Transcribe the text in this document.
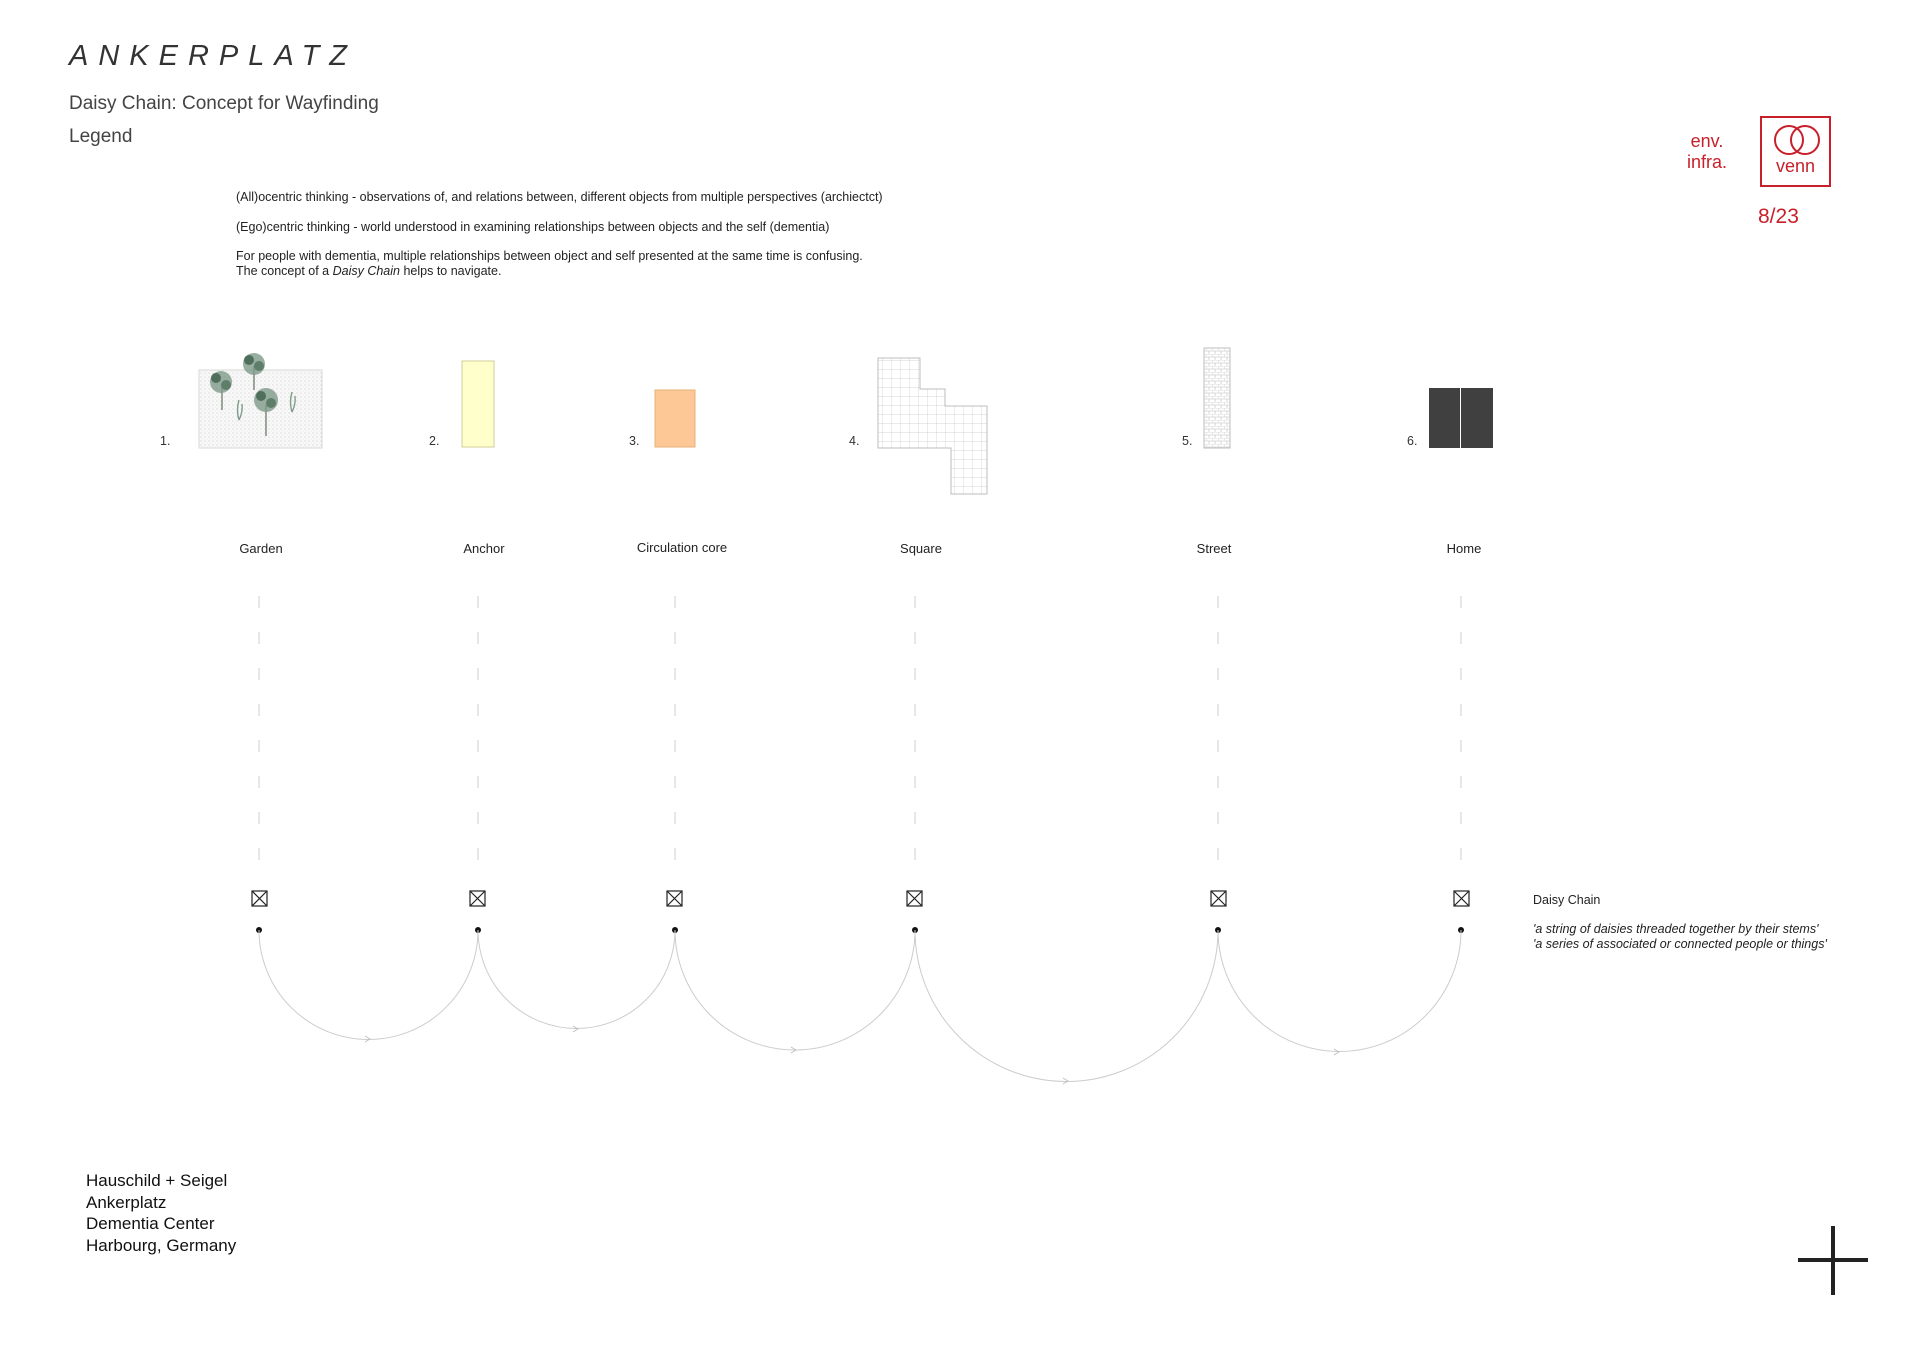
ANKERPLATZ
Daisy Chain: Concept for Wayfinding
Legend
(All)ocentric thinking - observations of, and relations between, different objects from multiple perspectives (archiectct)
(Ego)centric thinking - world understood in examining relationships between objects and the self (dementia)
For people with dementia, multiple relationships between object and self presented at the same time is confusing.
The concept of a Daisy Chain helps to navigate.
env.
infra.	venn
8/23
1.	2.	3.	4.	5.	6.
Garden	Anchor	Circulation core	Square	Street	Home
Daisy Chain
'a string of daisies threaded together by their stems'
'a series of associated or connected people or things'
Hauschild + Seigel
Ankerplatz
Dementia Center
Harbourg, Germany
